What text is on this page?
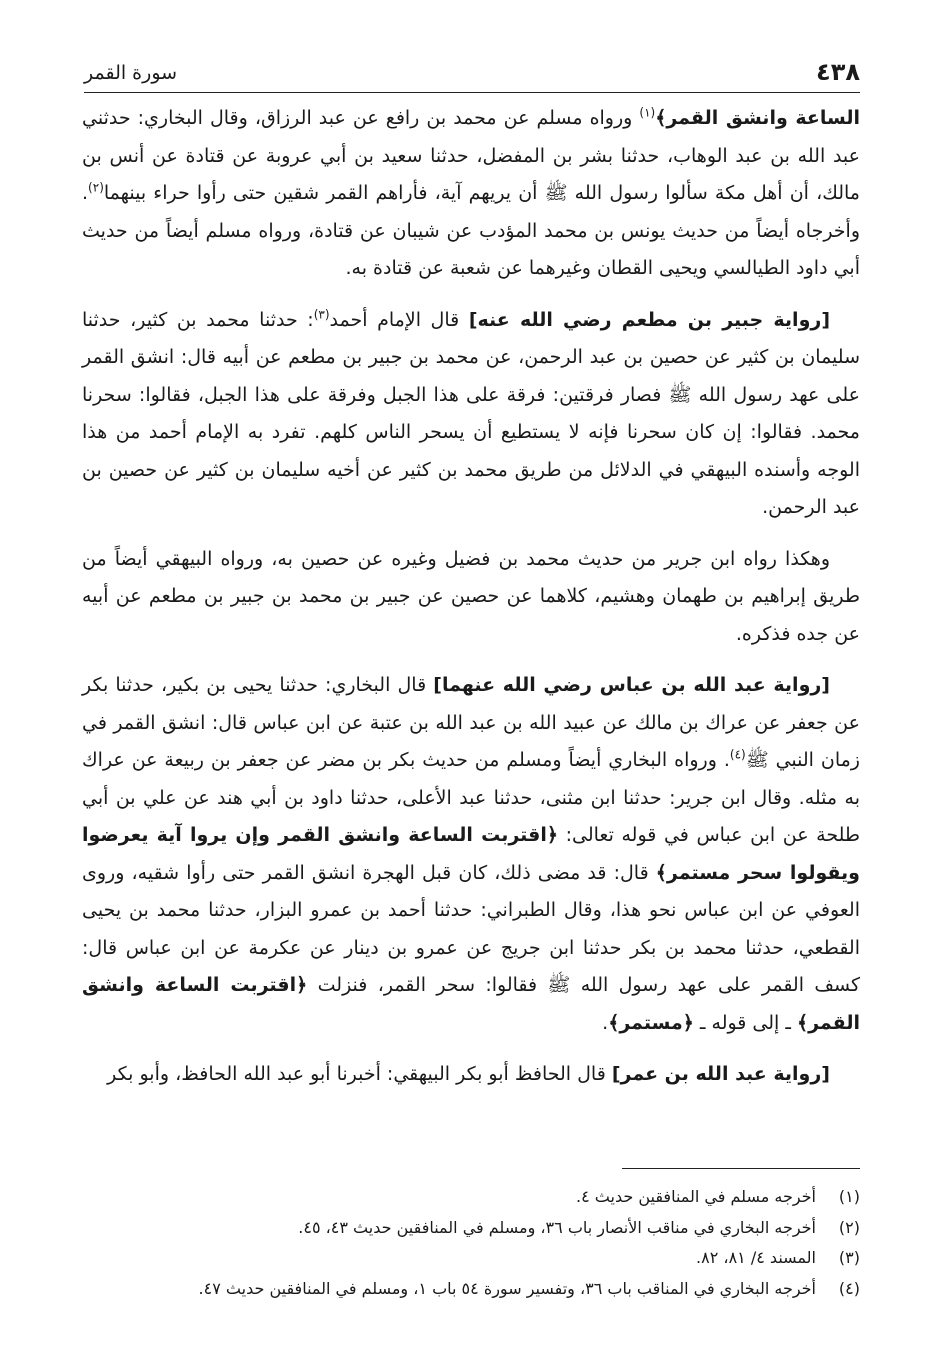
٤٣٨
سورة القمر

الساعة وانشق القمر﴾$^{(١)}$ ورواه مسلم عن محمد بن رافع عن عبد الرزاق، وقال البخاري: حدثني عبد الله بن عبد الوهاب، حدثنا بشر بن المفضل، حدثنا سعيد بن أبي عروبة عن قتادة عن أنس بن مالك، أن أهل مكة سألوا رسول الله ﷺ أن يريهم آية، فأراهم القمر شقين حتى رأوا حراء بينهما$^{(٢)}$. وأخرجاه أيضاً من حديث يونس بن محمد المؤدب عن شيبان عن قتادة، ورواه مسلم أيضاً من حديث أبي داود الطيالسي ويحيى القطان وغيرهما عن شعبة عن قتادة به.

[رواية جبير بن مطعم رضي الله عنه] قال الإمام أحمد$^{(٣)}$: حدثنا محمد بن كثير، حدثنا سليمان بن كثير عن حصين بن عبد الرحمن، عن محمد بن جبير بن مطعم عن أبيه قال: انشق القمر على عهد رسول الله ﷺ فصار فرقتين: فرقة على هذا الجبل وفرقة على هذا الجبل، فقالوا: سحرنا محمد. فقالوا: إن كان سحرنا فإنه لا يستطيع أن يسحر الناس كلهم. تفرد به الإمام أحمد من هذا الوجه وأسنده البيهقي في الدلائل من طريق محمد بن كثير عن أخيه سليمان بن كثير عن حصين بن عبد الرحمن.

وهكذا رواه ابن جرير من حديث محمد بن فضيل وغيره عن حصين به، ورواه البيهقي أيضاً من طريق إبراهيم بن طهمان وهشيم، كلاهما عن حصين عن جبير بن محمد بن جبير بن مطعم عن أبيه عن جده فذكره.

[رواية عبد الله بن عباس رضي الله عنهما] قال البخاري: حدثنا يحيى بن بكير، حدثنا بكر عن جعفر عن عراك بن مالك عن عبيد الله بن عبد الله بن عتبة عن ابن عباس قال: انشق القمر في زمان النبي ﷺ$^{(٤)}$. ورواه البخاري أيضاً ومسلم من حديث بكر بن مضر عن جعفر بن ربيعة عن عراك به مثله. وقال ابن جرير: حدثنا ابن مثنى، حدثنا عبد الأعلى، حدثنا داود بن أبي هند عن علي بن أبي طلحة عن ابن عباس في قوله تعالى: ﴿اقتربت الساعة وانشق القمر وإن يروا آية يعرضوا ويقولوا سحر مستمر﴾ قال: قد مضى ذلك، كان قبل الهجرة انشق القمر حتى رأوا شقيه، وروى العوفي عن ابن عباس نحو هذا، وقال الطبراني: حدثنا أحمد بن عمرو البزار، حدثنا محمد بن يحيى القطعي، حدثنا محمد بن بكر حدثنا ابن جريج عن عمرو بن دينار عن عكرمة عن ابن عباس قال: كسف القمر على عهد رسول الله ﷺ فقالوا: سحر القمر، فنزلت ﴿اقتربت الساعة وانشق القمر﴾ ـ إلى قوله ـ ﴿مستمر﴾.

[رواية عبد الله بن عمر] قال الحافظ أبو بكر البيهقي: أخبرنا أبو عبد الله الحافظ، وأبو بكر

(١)أخرجه مسلم في المنافقين حديث ٤.
(٢)أخرجه البخاري في مناقب الأنصار باب ٣٦، ومسلم في المنافقين حديث ٤٣، ٤٥.
(٣)المسند ٤/ ٨١، ٨٢.
(٤)أخرجه البخاري في المناقب باب ٣٦، وتفسير سورة ٥٤ باب ١، ومسلم في المنافقين حديث ٤٧.
